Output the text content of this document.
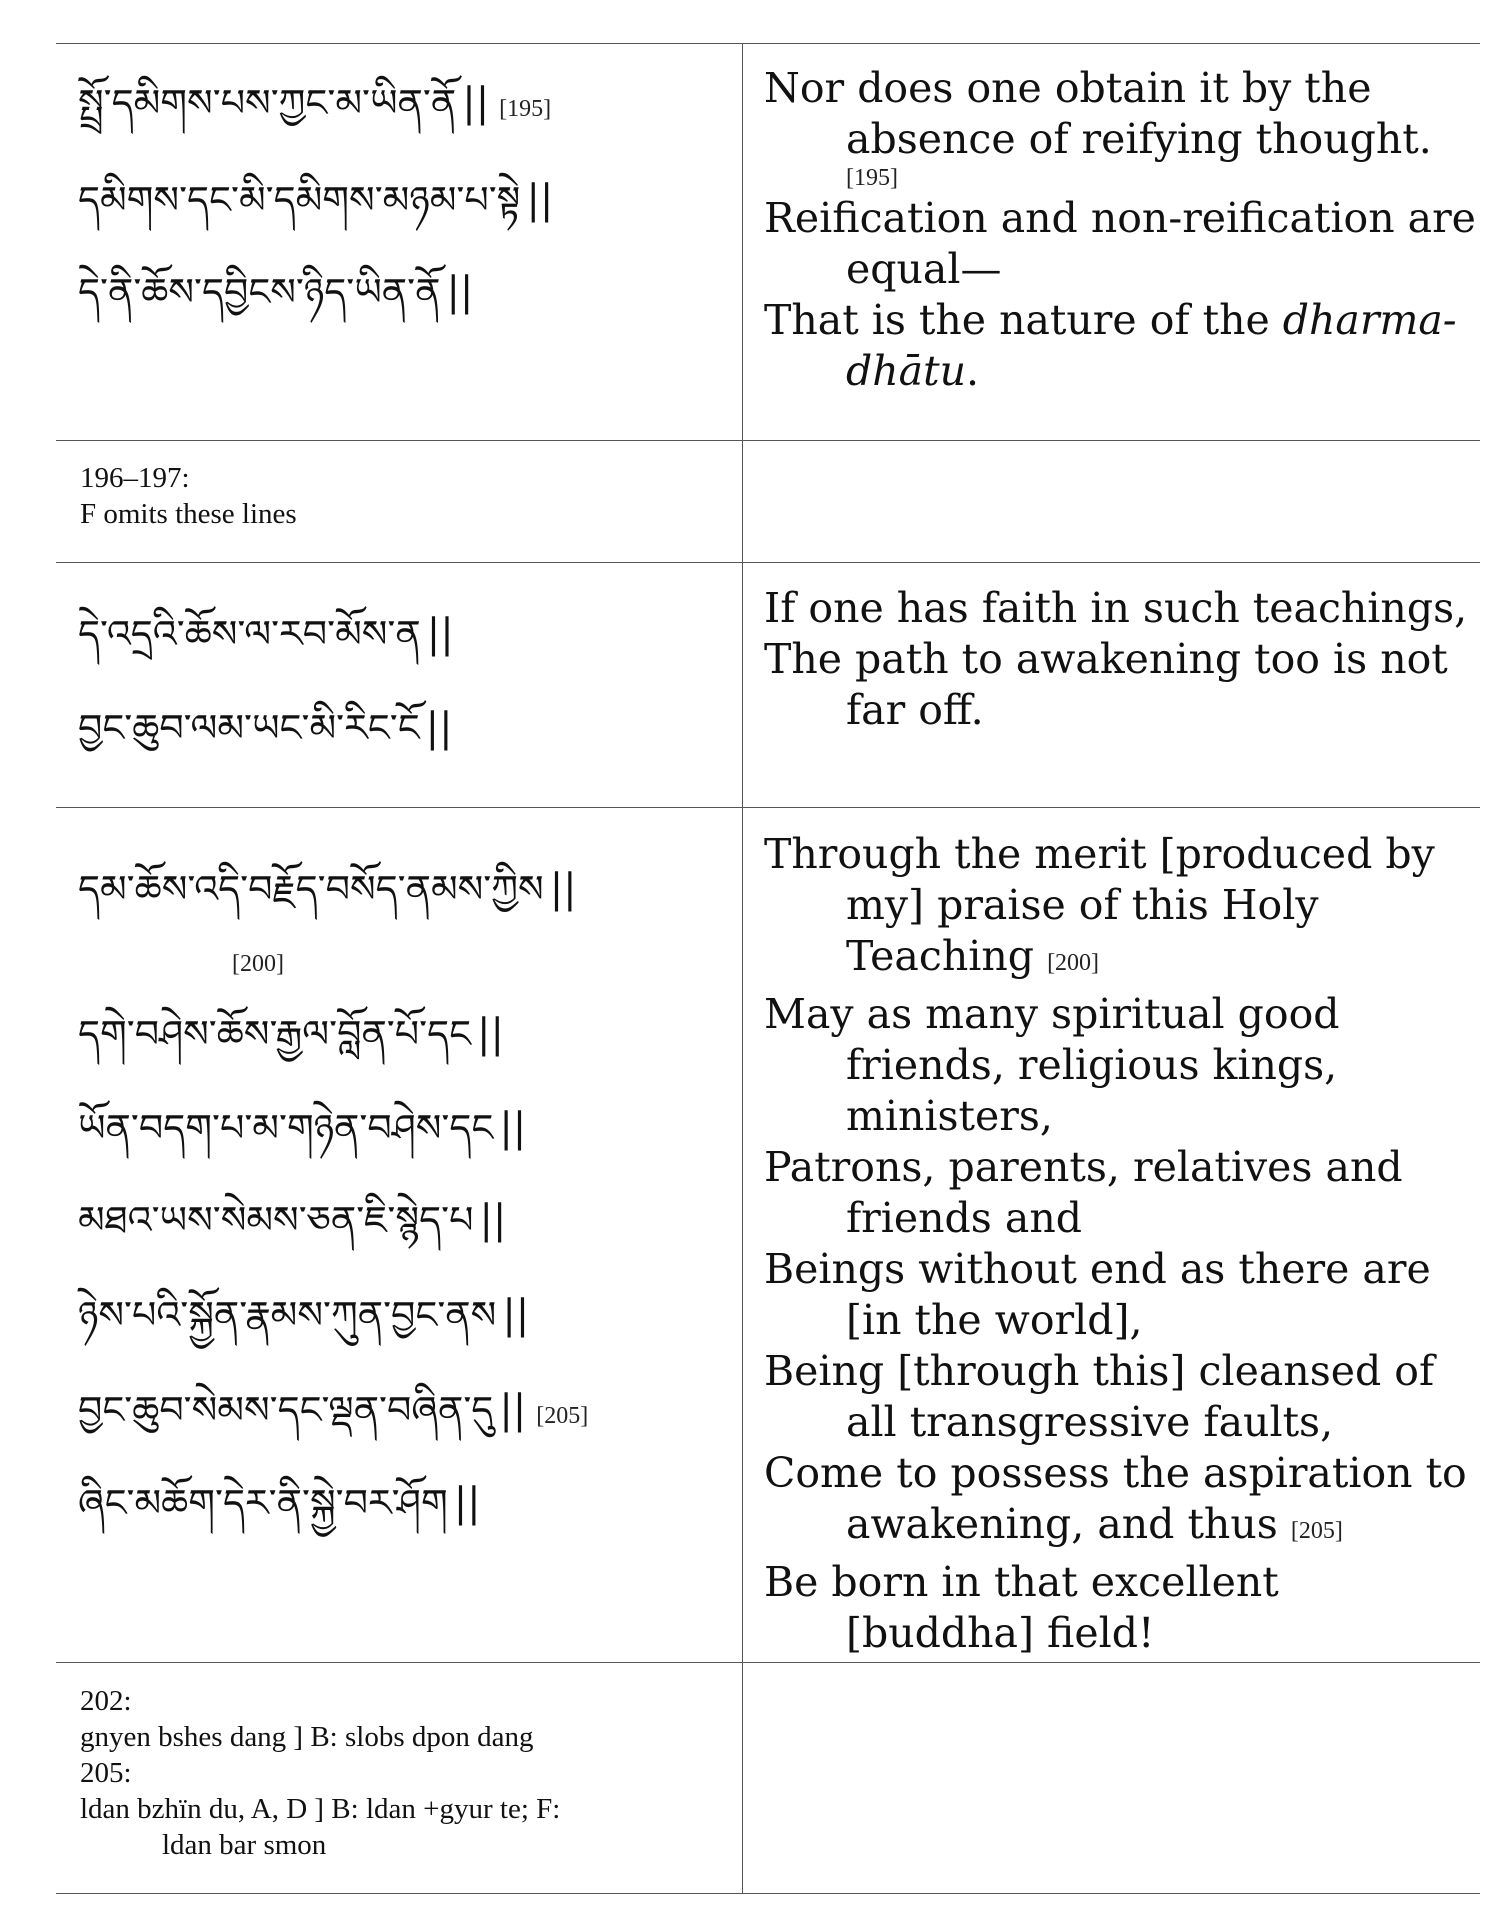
སྤྲོ་དམིགས་པས་ཀྱང་མ་ཡིན་ནོ || [195]
དམིགས་དང་མི་དམིགས་མཉམ་པ་སྟེ ||
དེ་ནི་ཆོས་དབྱིངས་ཉིད་ཡིན་ནོ ||

Nor does one obtain it by the absence of reifying thought.
[195]

Reification and non-reification are equal—

That is the nature of the dharma-dhātu.

196–197:
F omits these lines
དེ་འདྲའི་ཆོས་ལ་རབ་མོས་ན ||
བྱང་ཆུབ་ལམ་ཡང་མི་རིང་ངོ ||

If one has faith in such teachings,

The path to awakening too is not far off.

དམ་ཆོས་འདི་བརྗོད་བསོད་ནམས་ཀྱིས ||
[200]
དགེ་བཤེས་ཆོས་རྒྱལ་བློན་པོ་དང ||
ཡོན་བདག་པ་མ་གཉེན་བཤེས་དང ||
མཐའ་ཡས་སེམས་ཅན་ཇི་སྙེད་པ ||
ཉེས་པའི་སྐྱོན་རྣམས་ཀུན་བྱང་ནས ||
བྱང་ཆུབ་སེམས་དང་ལྡན་བཞིན་དུ || [205]
ཞིང་མཆོག་དེར་ནི་སྐྱེ་བར་ཤོག ||

Through the merit [produced by my] praise of this Holy Teaching [200]

May as many spiritual good friends, religious kings, ministers,

Patrons, parents, relatives and friends and

Beings without end as there are [in the world],

Being [through this] cleansed of all transgressive faults,

Come to possess the aspiration to awakening, and thus [205]

Be born in that excellent [buddha] field!

202:
gnyen bshes dang ] B: slobs dpon dang
205:
ldan bzhïn du, A, D ] B: ldan +gyur te; F:
ldan bar smon
